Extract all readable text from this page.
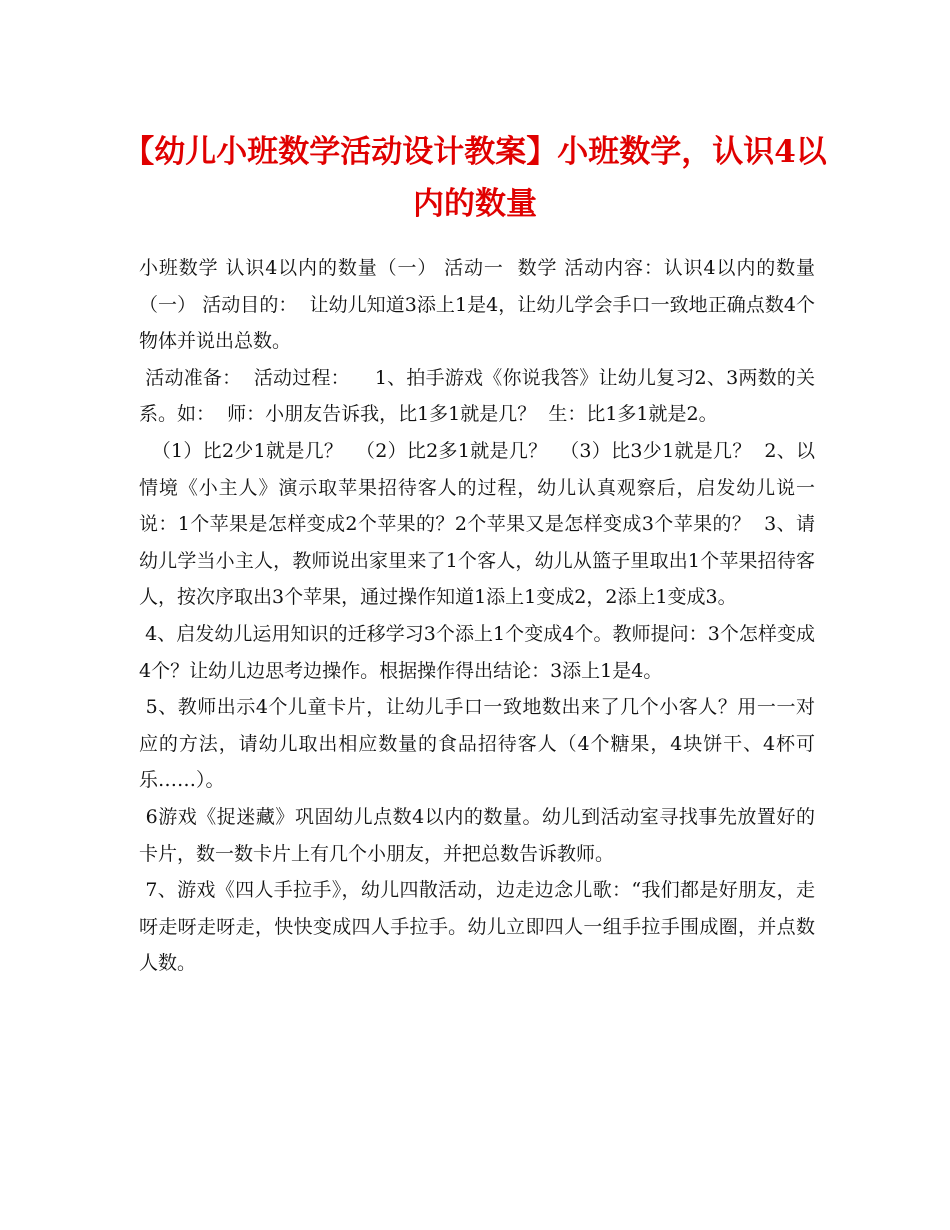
【幼儿小班数学活动设计教案】小班数学，认识4以内的数量

小班数学 认识4以内的数量（一） 活动一  数学 活动内容：认识4以内的数量（一） 活动目的：  让幼儿知道3添上1是4，让幼儿学会手口一致地正确点数4个物体并说出总数。

活动准备：  活动过程：    1、拍手游戏《你说我答》让幼儿复习2、3两数的关系。如：  师：小朋友告诉我，比1多1就是几？  生：比1多1就是2。

（1）比2少1就是几？  （2）比2多1就是几？  （3）比3少1就是几？  2、以情境《小主人》演示取苹果招待客人的过程，幼儿认真观察后，启发幼儿说一说：1个苹果是怎样变成2个苹果的？2个苹果又是怎样变成3个苹果的？  3、请幼儿学当小主人，教师说出家里来了1个客人，幼儿从篮子里取出1个苹果招待客人，按次序取出3个苹果，通过操作知道1添上1变成2，2添上1变成3。

4、启发幼儿运用知识的迁移学习3个添上1个变成4个。教师提问：3个怎样变成4个？让幼儿边思考边操作。根据操作得出结论：3添上1是4。

5、教师出示4个儿童卡片，让幼儿手口一致地数出来了几个小客人？用一一对应的方法，请幼儿取出相应数量的食品招待客人（4个糖果，4块饼干、4杯可乐……）。

6游戏《捉迷藏》巩固幼儿点数4以内的数量。幼儿到活动室寻找事先放置好的卡片，数一数卡片上有几个小朋友，并把总数告诉教师。

7、游戏《四人手拉手》，幼儿四散活动，边走边念儿歌：“我们都是好朋友，走呀走呀走呀走，快快变成四人手拉手。幼儿立即四人一组手拉手围成圈，并点数人数。
